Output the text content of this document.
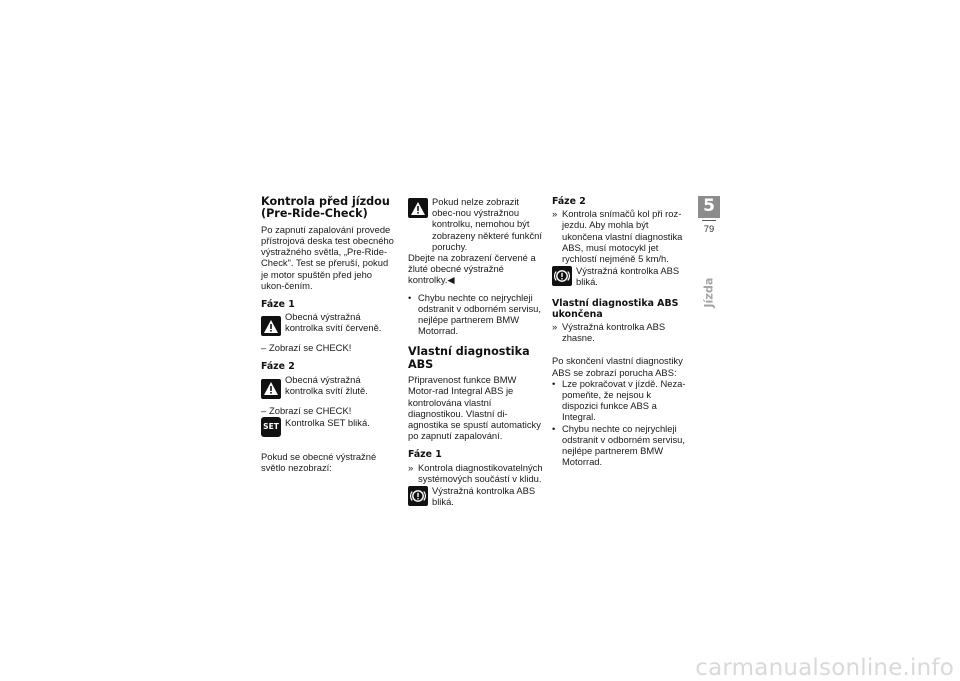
Kontrola před jízdou (Pre-Ride-Check)

Po zapnutí zapalování provede přístrojová deska test obecného výstražného světla, „Pre-Ride-Check". Test se přeruší, pokud je motor spuštěn před jeho ukon-čením.

Fáze 1
Obecná výstražná kontrolka svítí červeně.
– Zobrazí se CHECK!
Fáze 2
Obecná výstražná kontrolka svítí žlutě.
– Zobrazí se CHECK!
SET Kontrolka SET bliká.

Pokud se obecné výstražné světlo nezobrazí:

Pokud nelze zobrazit obec-nou výstražnou kontrolku, nemohou být zobrazeny některé funkční poruchy.

Dbejte na zobrazení červené a žluté obecné výstražné kontrolky.◀

• Chybu nechte co nejrychleji odstranit v odborném servisu, nejlépe partnerem BMW Motorrad.
Vlastní diagnostika ABS

Připravenost funkce BMW Motor-rad Integral ABS je kontrolována vlastní diagnostikou. Vlastní di-agnostika se spustí automaticky po zapnutí zapalování.

Fáze 1
» Kontrola diagnostikovatelných systémových součástí v klidu.
Výstražná kontrolka ABS bliká.
Fáze 2
» Kontrola snímačů kol při roz-jezdu. Aby mohla být ukončena vlastní diagnostika ABS, musí motocykl jet rychlostí nejméně 5 km/h.
Výstražná kontrolka ABS bliká.
Vlastní diagnostika ABS ukončena
» Výstražná kontrolka ABS zhasne.

Po skončení vlastní diagnostiky ABS se zobrazí porucha ABS:

• Lze pokračovat v jízdě. Neza-pomeňte, že nejsou k dispozici funkce ABS a Integral.
• Chybu nechte co nejrychleji odstranit v odborném servisu, nejlépe partnerem BMW Motorrad.
5
79
Jízda
carmanualsonline.info
